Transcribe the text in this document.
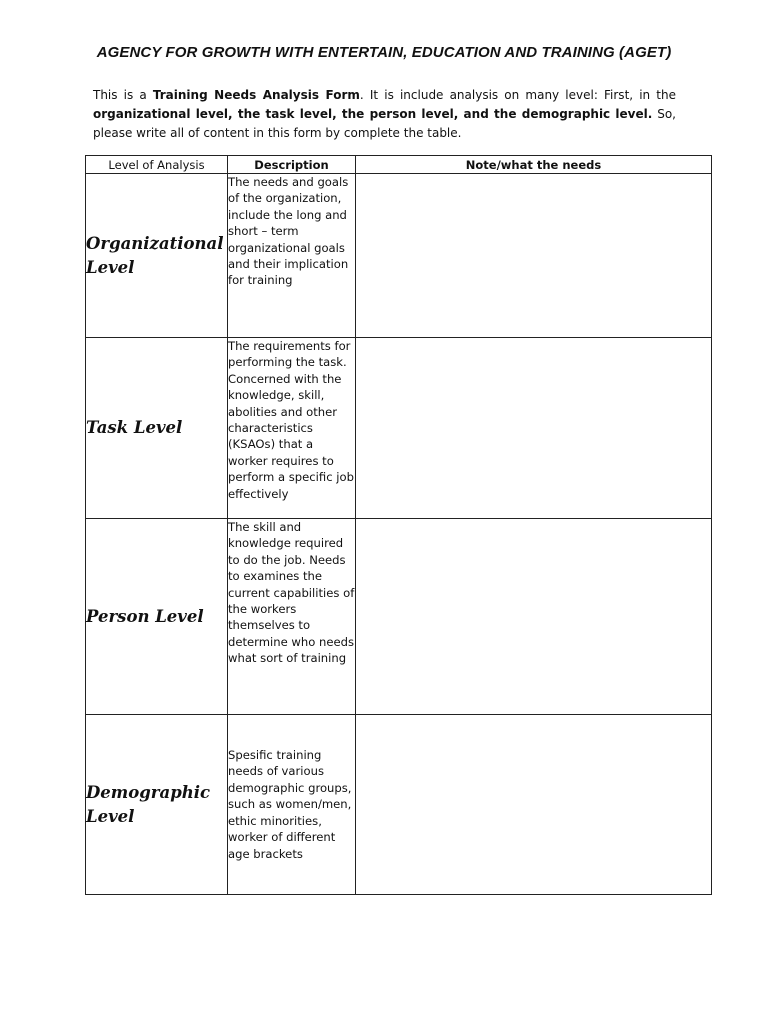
AGENCY FOR GROWTH WITH ENTERTAIN, EDUCATION AND TRAINING (AGET)

This is a Training Needs Analysis Form. It is include analysis on many level: First, in the organizational level, the task level, the person level, and the demographic level. So, please write all of content in this form by complete the table.

Level of Analysis	Description	Note/what the needs
Organizational Level	The needs and goals of the organization, include the long and short – term organizational goals and their implication for training	

Task Level	The requirements for performing the task. Concerned with the knowledge, skill, abolities and other characteristics (KSAOs) that a worker requires to perform a specific job effectively	

Person Level	The skill and knowledge required to do the job. Needs to examines the current capabilities of the workers themselves to determine who needs what sort of training	

Demographic Level	Spesific training needs of various demographic groups, such as women/men, ethic minorities, worker of different age brackets	
